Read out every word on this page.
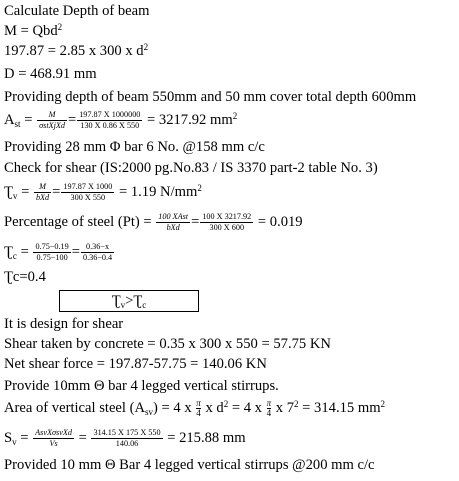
Calculate Depth of beam
M = Qbd$^2$
197.87 = 2.85 x 300 x $d^2$
D = 468.91 mm
Providing depth of beam 550mm and 50 mm cover total depth 600mm
$A_{st} = \frac{M}{\text{σstXjXd}} = \frac{197.87 X 1000000}{130 X 0.86 X 550} = 3217.92$ $mm^2$
Providing 28 mm Φ bar 6 No. @158 mm c/c
Check for shear (IS:2000 pg.No.83 / IS 3370 part-2 table No. 3)
$Ʈ_v = \frac{M}{\text{bXd}} = \frac{197.87 X 1000}{300 X 550} = 1.19$ $N/mm^2$
Percentage of steel $(Pt) = \frac{\text{100 XAst}}{\text{bXd}} = \frac{100 X 3217.92}{300 X 600} = 0.019$
$Ʈ_c = \frac{0.75-0.19}{0.75-100} = \frac{0.36-x}{0.36-0.4}$
Ʈc=0.4
$Ʈ_v>Ʈ_c$
It is design for shear
Shear taken by concrete = 0.35 x 300 x 550 = 57.75 KN
Net shear force = 197.87-57.75 = 140.06 KN
Provide 10mm Θ bar 4 legged vertical stirrups.
Area of vertical steel $(A_{sv}) = 4$ x $\frac{\pi}{4}$ x $d^2 = 4$ x $\frac{\pi}{4}$ x $7^2 = 314.15$ $mm^2$
$S_v = \frac{\text{AsvXσsvXd}}{Vs} = \frac{314.15 X 175 X 550}{140.06} = 215.88$ mm
Provided 10 mm Θ Bar 4 legged vertical stirrups @200 mm c/c
